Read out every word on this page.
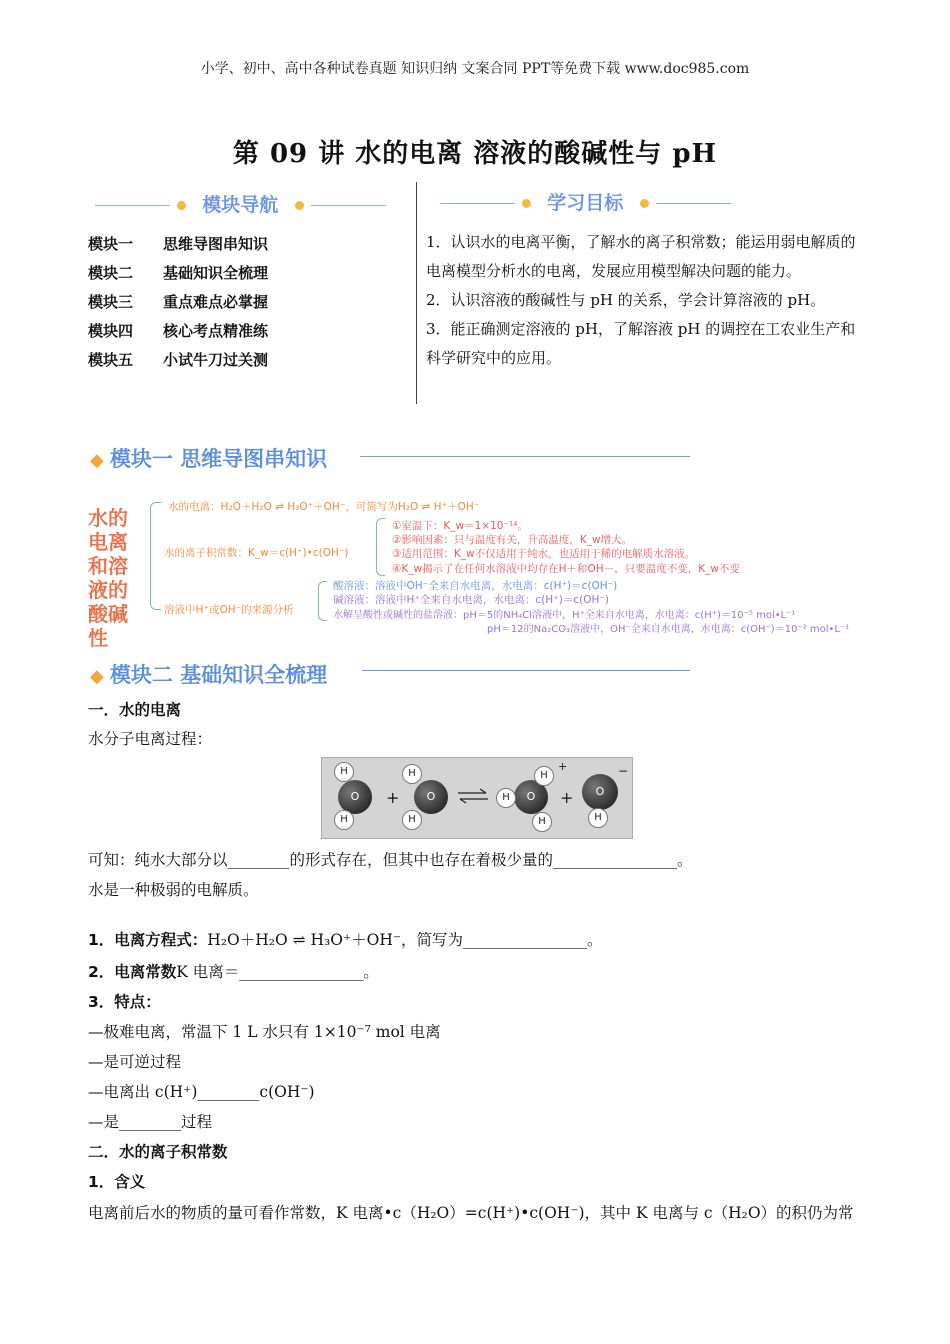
小学、初中、高中各种试卷真题 知识归纳 文案合同 PPT等免费下载 www.doc985.com
第 09 讲 水的电离 溶液的酸碱性与 pH
模块导航
模块一 思维导图串知识
模块二 基础知识全梳理
模块三 重点难点必掌握
模块四 核心考点精准练
模块五 小试牛刀过关测
学习目标

1．认识水的电离平衡，了解水的离子积常数；能运用弱电解质的电离模型分析水的电离，发展应用模型解决问题的能力。

2．认识溶液的酸碱性与 pH 的关系，学会计算溶液的 pH。

3．能正确测定溶液的 pH，了解溶液 pH 的调控在工农业生产和科学研究中的应用。

◆ 模块一 思维导图串知识
水的
电离
和溶
液的
酸碱
性
水的电离：H₂O＋H₂O ⇌ H₃O⁺＋OH⁻，可简写为H₂O ⇌ H⁺＋OH⁻
水的离子积常数：K_w＝c(H⁺)•c(OH⁻)
①室温下：K_w＝1×10⁻¹⁴。
②影响因素：只与温度有关，升高温度，K_w增大。
③适用范围：K_w不仅适用于纯水，也适用于稀的电解质水溶液。
④K_w揭示了在任何水溶液中均存在H＋和OH－，只要温度不变，K_w不变
溶液中H⁺或OH⁻的来源分析
酸溶液：溶液中OH⁻全来自水电离，水电离：c(H⁺)＝c(OH⁻)
碱溶液：溶液中H⁺全来自水电离，水电离：c(H⁺)＝c(OH⁻)
水解呈酸性或碱性的盐溶液：pH＝5的NH₄Cl溶液中，H⁺全来自水电离，水电离：c(H⁺)＝10⁻⁵ mol•L⁻¹
pH＝12的Na₂CO₃溶液中，OH⁻全来自水电离，水电离：c(OH⁻)＝10⁻² mol•L⁻¹
◆ 模块二 基础知识全梳理
一．水的电离
水分子电离过程：
O
H
H
+	O
H
H
O
H
H
H
+
+	O
H
−
可知：纯水大部分以________的形式存在，但其中也存在着极少量的________________。
水是一种极弱的电解质。
1．电离方程式：H₂O＋H₂O ⇌ H₃O⁺＋OH⁻，简写为________________。
2．电离常数K 电离＝________________。
3．特点：
—极难电离，常温下 1 L 水只有 1×10⁻⁷ mol 电离
—是可逆过程
—电离出 c(H⁺)________c(OH⁻)
—是________过程
二．水的离子积常数
1．含义
电离前后水的物质的量可看作常数，K 电离•c（H₂O）=c(H⁺)•c(OH⁻)，其中 K 电离与 c（H₂O）的积仍为常
